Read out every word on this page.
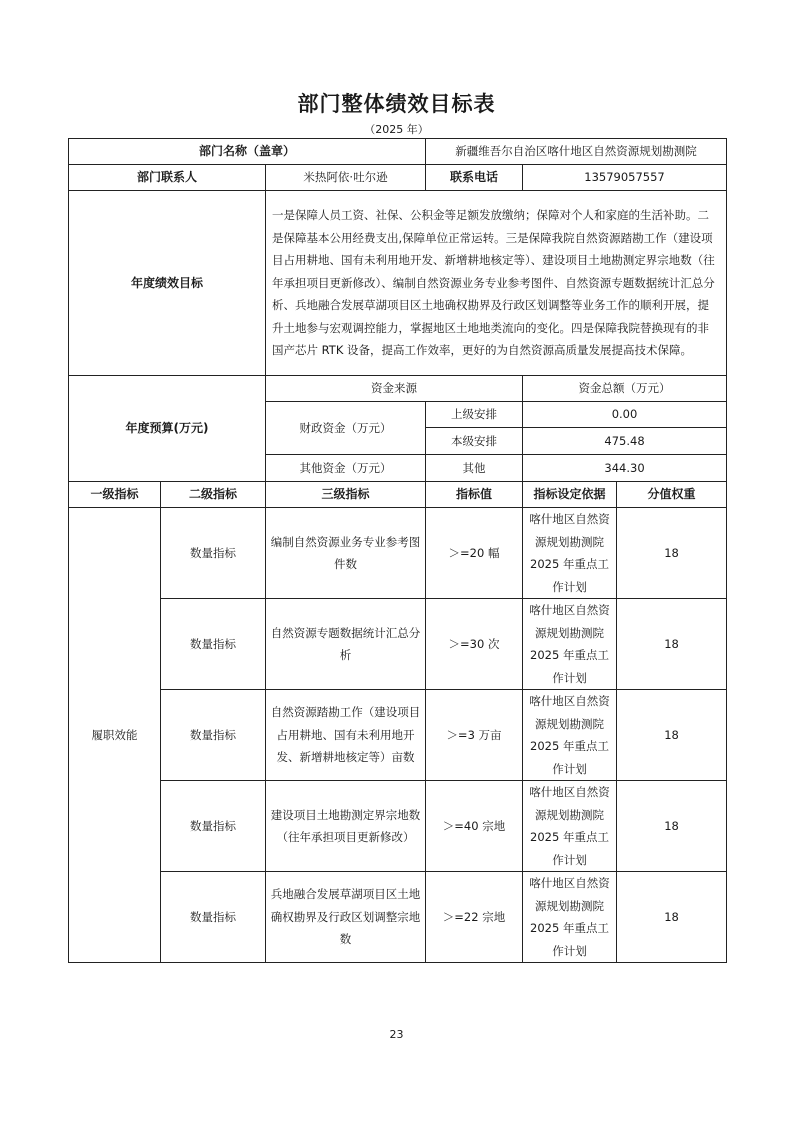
部门整体绩效目标表
（2025 年）
部门名称（盖章）			新疆维吾尔自治区喀什地区自然资源规划勘测院		
部门联系人		米热阿依·吐尔逊	联系电话	13579057557	
年度绩效目标		一是保障人员工资、社保、公积金等足额发放缴纳；保障对个人和家庭的生活补助。二是保障基本公用经费支出,保障单位正常运转。三是保障我院自然资源踏勘工作（建设项目占用耕地、国有未利用地开发、新增耕地核定等）、建设项目土地勘测定界宗地数（往年承担项目更新修改）、编制自然资源业务专业参考图件、自然资源专题数据统计汇总分析、兵地融合发展草湖项目区土地确权勘界及行政区划调整等业务工作的顺利开展，提升土地参与宏观调控能力，掌握地区土地地类流向的变化。四是保障我院替换现有的非国产芯片 RTK 设备，提高工作效率，更好的为自然资源高质量发展提高技术保障。			
年度预算(万元)		资金来源		资金总额（万元）	
		财政资金（万元）	上级安排	0.00	
			本级安排	475.48	
		其他资金（万元）	其他	344.30	
一级指标	二级指标	三级指标	指标值	指标设定依据	分值权重
履职效能	数量指标	编制自然资源业务专业参考图件数	＞=20 幅	喀什地区自然资源规划勘测院 2025 年重点工作计划	18
	数量指标	自然资源专题数据统计汇总分析	＞=30 次	喀什地区自然资源规划勘测院 2025 年重点工作计划	18
	数量指标	自然资源踏勘工作（建设项目占用耕地、国有未利用地开发、新增耕地核定等）亩数	＞=3 万亩	喀什地区自然资源规划勘测院 2025 年重点工作计划	18
	数量指标	建设项目土地勘测定界宗地数（往年承担项目更新修改）	＞=40 宗地	喀什地区自然资源规划勘测院 2025 年重点工作计划	18
	数量指标	兵地融合发展草湖项目区土地确权勘界及行政区划调整宗地数	＞=22 宗地	喀什地区自然资源规划勘测院 2025 年重点工作计划	18
23
